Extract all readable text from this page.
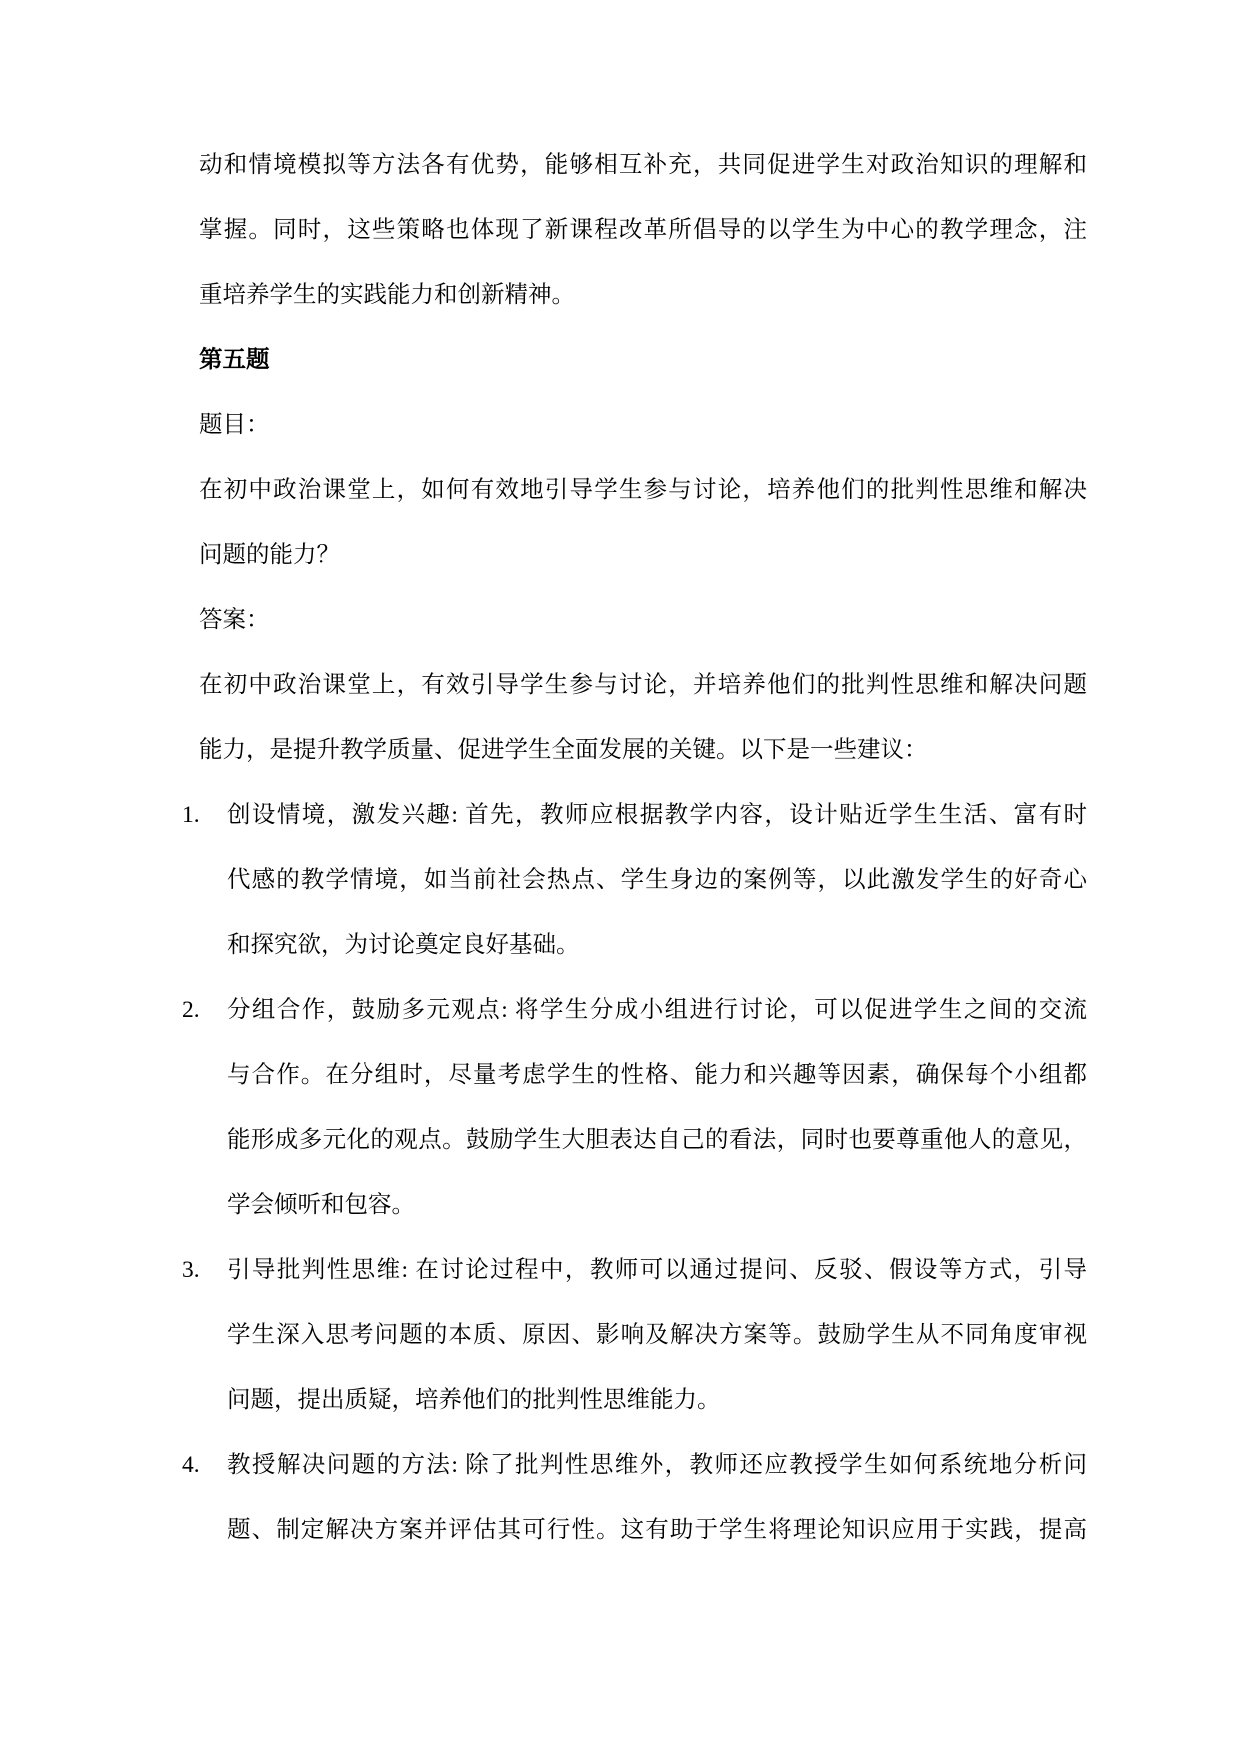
动和情境模拟等方法各有优势，能够相互补充，共同促进学生对政治知识的理解和
掌握。同时，这些策略也体现了新课程改革所倡导的以学生为中心的教学理念，注
重培养学生的实践能力和创新精神。
第五题
题目：
在初中政治课堂上，如何有效地引导学生参与讨论，培养他们的批判性思维和解决
问题的能力？
答案：
在初中政治课堂上，有效引导学生参与讨论，并培养他们的批判性思维和解决问题
能力，是提升教学质量、促进学生全面发展的关键。以下是一些建议：
1.	创设情境，激发兴趣: 首先，教师应根据教学内容，设计贴近学生生活、富有时
代感的教学情境，如当前社会热点、学生身边的案例等，以此激发学生的好奇心
和探究欲，为讨论奠定良好基础。
2.	分组合作，鼓励多元观点: 将学生分成小组进行讨论，可以促进学生之间的交流
与合作。在分组时，尽量考虑学生的性格、能力和兴趣等因素，确保每个小组都
能形成多元化的观点。鼓励学生大胆表达自己的看法，同时也要尊重他人的意见，
学会倾听和包容。
3.	引导批判性思维: 在讨论过程中，教师可以通过提问、反驳、假设等方式，引导
学生深入思考问题的本质、原因、影响及解决方案等。鼓励学生从不同角度审视
问题，提出质疑，培养他们的批判性思维能力。
4.	教授解决问题的方法: 除了批判性思维外，教师还应教授学生如何系统地分析问
题、制定解决方案并评估其可行性。这有助于学生将理论知识应用于实践，提高
